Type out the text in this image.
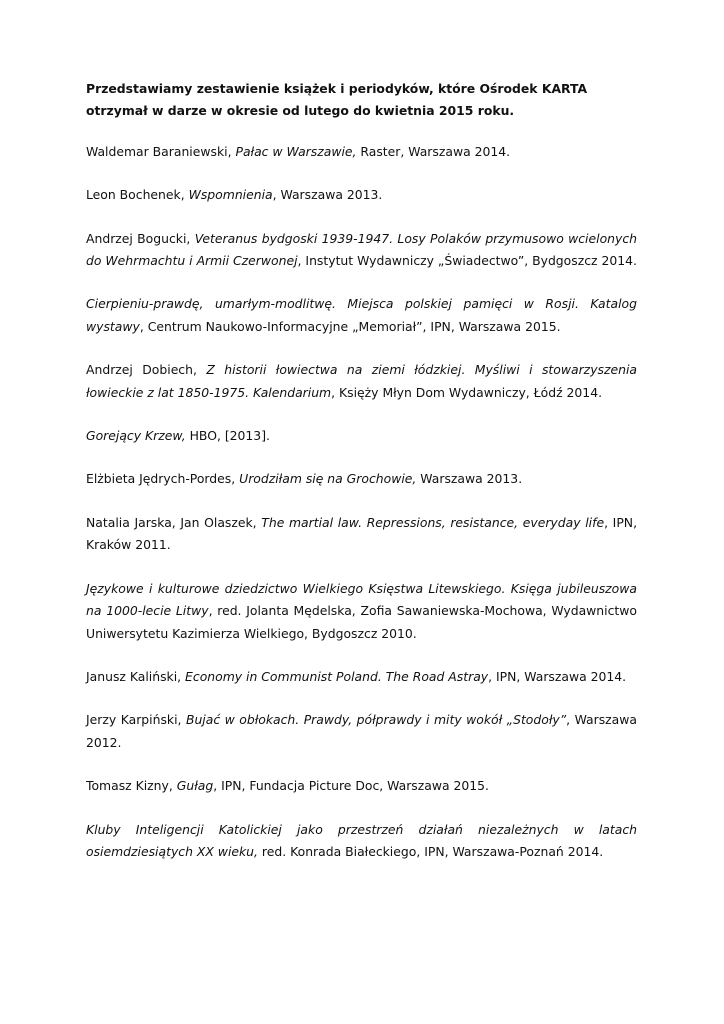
Przedstawiamy zestawienie książek i periodyków, które Ośrodek KARTA
otrzymał w darze w okresie od lutego do kwietnia 2015 roku.

Waldemar Baraniewski, Pałac w Warszawie, Raster, Warszawa 2014.

Leon Bochenek, Wspomnienia, Warszawa 2013.

Andrzej Bogucki, Veteranus bydgoski 1939-1947. Losy Polaków przymusowo wcielonych do Wehrmachtu i Armii Czerwonej, Instytut Wydawniczy „Świadectwo”, Bydgoszcz 2014.

Cierpieniu-prawdę, umarłym-modlitwę. Miejsca polskiej pamięci w Rosji. Katalog wystawy, Centrum Naukowo-Informacyjne „Memoriał”, IPN, Warszawa 2015.

Andrzej Dobiech, Z historii łowiectwa na ziemi łódzkiej. Myśliwi i stowarzyszenia łowieckie z lat 1850-1975. Kalendarium, Księży Młyn Dom Wydawniczy, Łódź 2014.

Gorejący Krzew, HBO, [2013].

Elżbieta Jędrych-Pordes, Urodziłam się na Grochowie, Warszawa 2013.

Natalia Jarska, Jan Olaszek, The martial law. Repressions, resistance, everyday life, IPN, Kraków 2011.

Językowe i kulturowe dziedzictwo Wielkiego Księstwa Litewskiego. Księga jubileuszowa na 1000-lecie Litwy, red. Jolanta Mędelska, Zofia Sawaniewska-Mochowa, Wydawnictwo Uniwersytetu Kazimierza Wielkiego, Bydgoszcz 2010.

Janusz Kaliński, Economy in Communist Poland. The Road Astray, IPN, Warszawa 2014.

Jerzy Karpiński, Bujać w obłokach. Prawdy, półprawdy i mity wokół „Stodoły”, Warszawa 2012.

Tomasz Kizny, Gułag, IPN, Fundacja Picture Doc, Warszawa 2015.

Kluby Inteligencji Katolickiej jako przestrzeń działań niezależnych w latach osiemdziesiątych XX wieku, red. Konrada Białeckiego, IPN, Warszawa-Poznań 2014.
